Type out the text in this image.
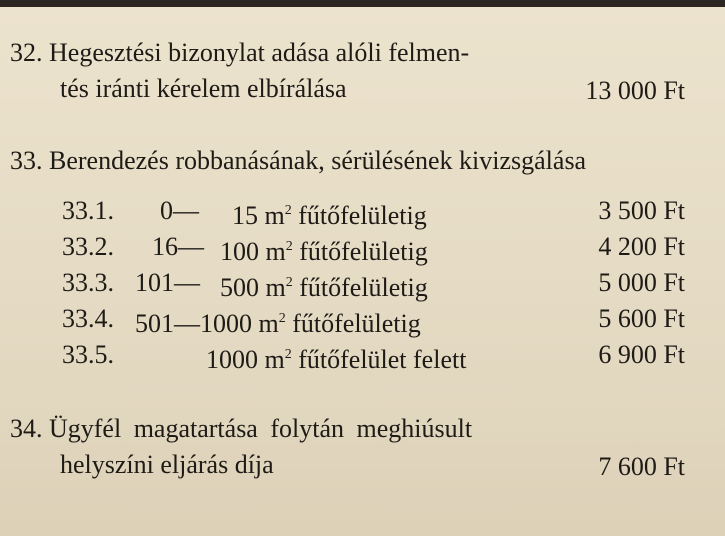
32. Hegesztési bizonylat adása alóli felmen-
tés iránti kérelem elbírálása	13 000 Ft
33. Berendezés robbanásának, sérülésének kivizsgálása
33.1. 0— 15 $m^2$ fűtőfelületig	3 500 Ft
33.2. 16— 100 $m^2$ fűtőfelületig	4 200 Ft
33.3. 101— 500 $m^2$ fűtőfelületig	5 000 Ft
33.4. 501—1000 $m^2$ fűtőfelületig	5 600 Ft
33.5.	1000 $m^2$ fűtőfelület felett	6 900 Ft
34. Ügyfél magatartása folytán meghiúsult
helyszíni eljárás díja	7 600 Ft
